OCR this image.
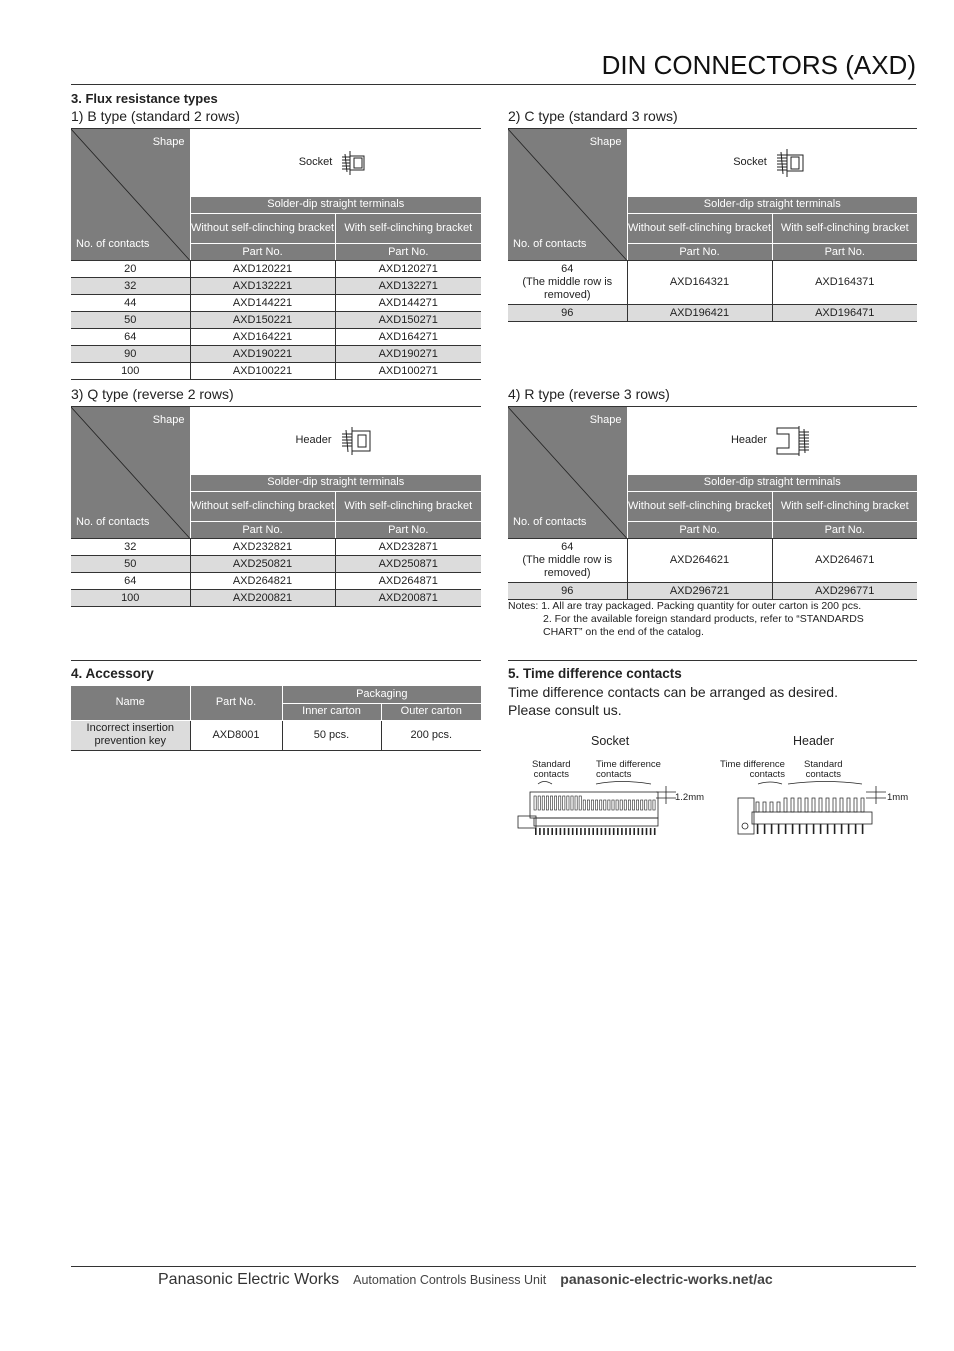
DIN CONNECTORS (AXD)
3. Flux resistance types
1) B type (standard 2 rows)
Shape
No. of contacts	Socket	

	Solder-dip straight terminals	
	Without self-clinching bracket	With self-clinching bracket
	Part No.	Part No.
20	AXD120221	AXD120271
32	AXD132221	AXD132271
44	AXD144221	AXD144271
50	AXD150221	AXD150271
64	AXD164221	AXD164271
90	AXD190221	AXD190271
100	AXD100221	AXD100271
2) C type (standard 3 rows)
Shape
No. of contacts	Socket	

	Solder-dip straight terminals	
	Without self-clinching bracket	With self-clinching bracket
	Part No.	Part No.
64
(The middle row is
removed)	AXD164321	AXD164371
96	AXD196421	AXD196471
3) Q type (reverse 2 rows)
Shape
No. of contacts	Header	

	Solder-dip straight terminals	
	Without self-clinching bracket	With self-clinching bracket
	Part No.	Part No.
32	AXD232821	AXD232871
50	AXD250821	AXD250871
64	AXD264821	AXD264871
100	AXD200821	AXD200871
4) R type (reverse 3 rows)
Shape
No. of contacts	Header	

	Solder-dip straight terminals	
	Without self-clinching bracket	With self-clinching bracket
	Part No.	Part No.
64
(The middle row is
removed)	AXD264621	AXD264671
96	AXD296721	AXD296771
Notes: 1. All are tray packaged. Packing quantity for outer carton is 200 pcs.
2. For the available foreign standard products, refer to “STANDARDS
CHART” on the end of the catalog.
4. Accessory
Name	Part No.	Packaging	
		Inner carton	Outer carton
Incorrect insertion prevention key	AXD8001	50 pcs.	200 pcs.
5. Time difference contacts
Time difference contacts can be arranged as desired.
Please consult us.
Socket	Header
Standard
contacts
Time difference
contacts
1.2mm
Time difference
contacts
Standard
contacts
1mm
Panasonic Electric Works Automation Controls Business Unit panasonic-electric-works.net/ac
